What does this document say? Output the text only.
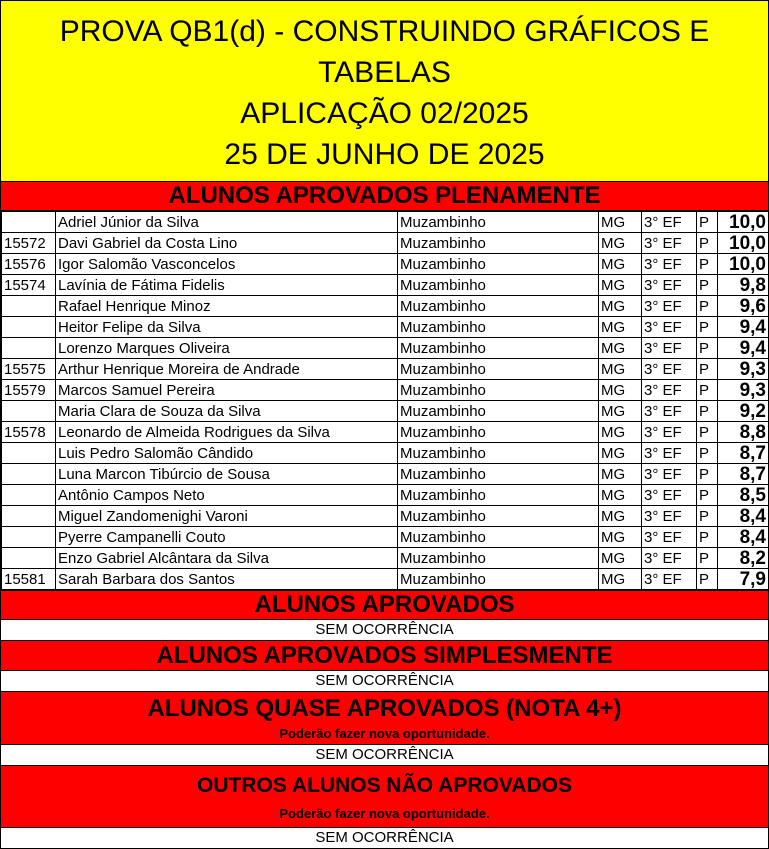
PROVA QB1(d) - CONSTRUINDO GRÁFICOS E
TABELAS
APLICAÇÃO 02/2025
25 DE JUNHO DE 2025
ALUNOS APROVADOS PLENAMENTE
	Adriel Júnior da Silva	Muzambinho	MG	3° EF	P	10,0
15572	Davi Gabriel da Costa Lino	Muzambinho	MG	3° EF	P	10,0
15576	Igor Salomão Vasconcelos	Muzambinho	MG	3° EF	P	10,0
15574	Lavínia de Fátima Fidelis	Muzambinho	MG	3° EF	P	9,8
	Rafael Henrique Minoz	Muzambinho	MG	3° EF	P	9,6
	Heitor Felipe da Silva	Muzambinho	MG	3° EF	P	9,4
	Lorenzo Marques Oliveira	Muzambinho	MG	3° EF	P	9,4
15575	Arthur Henrique Moreira de Andrade	Muzambinho	MG	3° EF	P	9,3
15579	Marcos Samuel Pereira	Muzambinho	MG	3° EF	P	9,3
	Maria Clara de Souza da Silva	Muzambinho	MG	3° EF	P	9,2
15578	Leonardo de Almeida Rodrigues da Silva	Muzambinho	MG	3° EF	P	8,8
	Luis Pedro Salomão Cândido	Muzambinho	MG	3° EF	P	8,7
	Luna Marcon Tibúrcio de Sousa	Muzambinho	MG	3° EF	P	8,7
	Antônio Campos Neto	Muzambinho	MG	3° EF	P	8,5
	Miguel Zandomenighi Varoni	Muzambinho	MG	3° EF	P	8,4
	Pyerre Campanelli Couto	Muzambinho	MG	3° EF	P	8,4
	Enzo Gabriel Alcântara da Silva	Muzambinho	MG	3° EF	P	8,2
15581	Sarah Barbara dos Santos	Muzambinho	MG	3° EF	P	7,9
ALUNOS APROVADOS
SEM OCORRÊNCIA
ALUNOS APROVADOS SIMPLESMENTE
SEM OCORRÊNCIA
ALUNOS QUASE APROVADOS (NOTA 4+)
Poderão fazer nova oportunidade.
SEM OCORRÊNCIA
OUTROS ALUNOS NÃO APROVADOS
Poderão fazer nova oportunidade.
SEM OCORRÊNCIA
